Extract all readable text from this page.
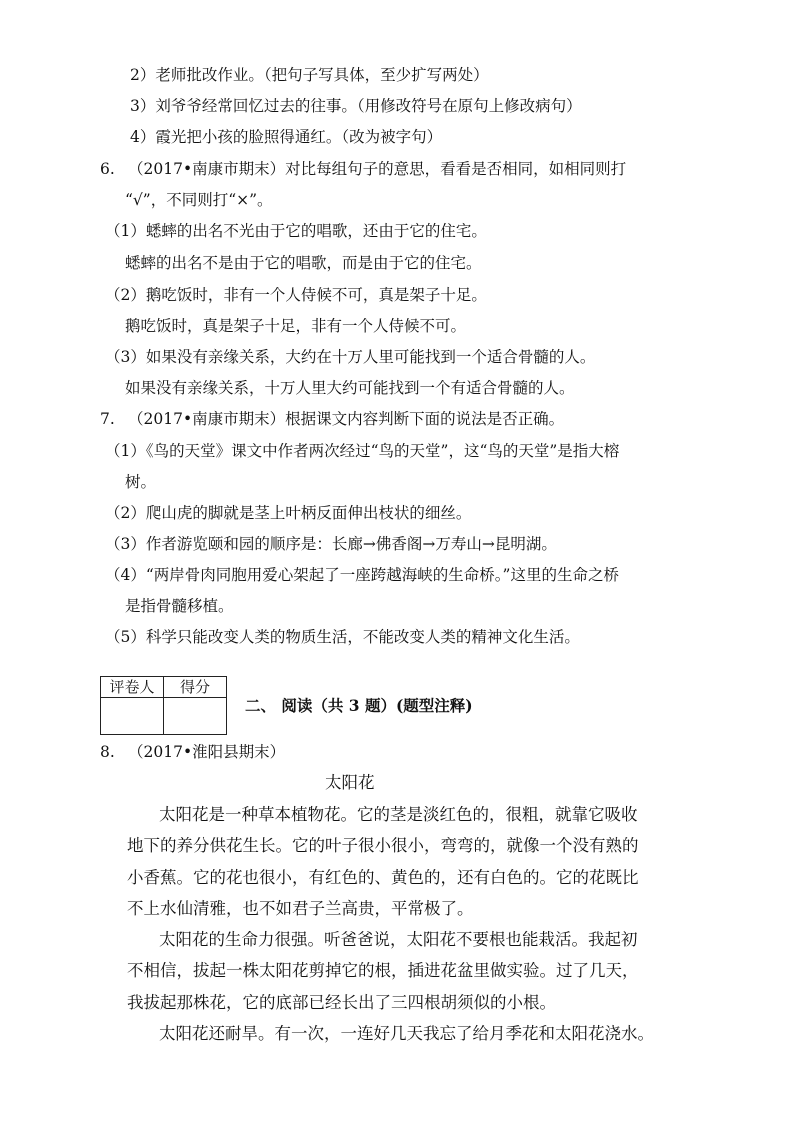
2）老师批改作业。（把句子写具体，至少扩写两处）
3）刘爷爷经常回忆过去的往事。（用修改符号在原句上修改病句）
4）霞光把小孩的脸照得通红。（改为被字句）
6. （2017•南康市期末）对比每组句子的意思，看看是否相同，如相同则打
“√”，不同则打“×”。
（1）蟋蟀的出名不光由于它的唱歌，还由于它的住宅。
蟋蟀的出名不是由于它的唱歌，而是由于它的住宅。
（2）鹅吃饭时，非有一个人侍候不可，真是架子十足。
鹅吃饭时，真是架子十足，非有一个人侍候不可。
（3）如果没有亲缘关系，大约在十万人里可能找到一个适合骨髓的人。
如果没有亲缘关系，十万人里大约可能找到一个有适合骨髓的人。
7. （2017•南康市期末）根据课文内容判断下面的说法是否正确。
（1）《鸟的天堂》课文中作者两次经过“鸟的天堂”，这“鸟的天堂”是指大榕
树。
（2）爬山虎的脚就是茎上叶柄反面伸出枝状的细丝。
（3）作者游览颐和园的顺序是：长廊→佛香阁→万寿山→昆明湖。
（4）“两岸骨肉同胞用爱心架起了一座跨越海峡的生命桥。”这里的生命之桥
是指骨髓移植。
（5）科学只能改变人类的物质生活，不能改变人类的精神文化生活。
评卷人	得分

二、 阅读（共 3 题）(题型注释)
8. （2017•淮阳县期末）
太阳花
太阳花是一种草本植物花。它的茎是淡红色的，很粗，就靠它吸收
地下的养分供花生长。它的叶子很小很小，弯弯的，就像一个没有熟的
小香蕉。它的花也很小，有红色的、黄色的，还有白色的。它的花既比
不上水仙清雅，也不如君子兰高贵，平常极了。
太阳花的生命力很强。听爸爸说，太阳花不要根也能栽活。我起初
不相信，拔起一株太阳花剪掉它的根，插进花盆里做实验。过了几天，
我拔起那株花，它的底部已经长出了三四根胡须似的小根。
太阳花还耐旱。有一次，一连好几天我忘了给月季花和太阳花浇水。
